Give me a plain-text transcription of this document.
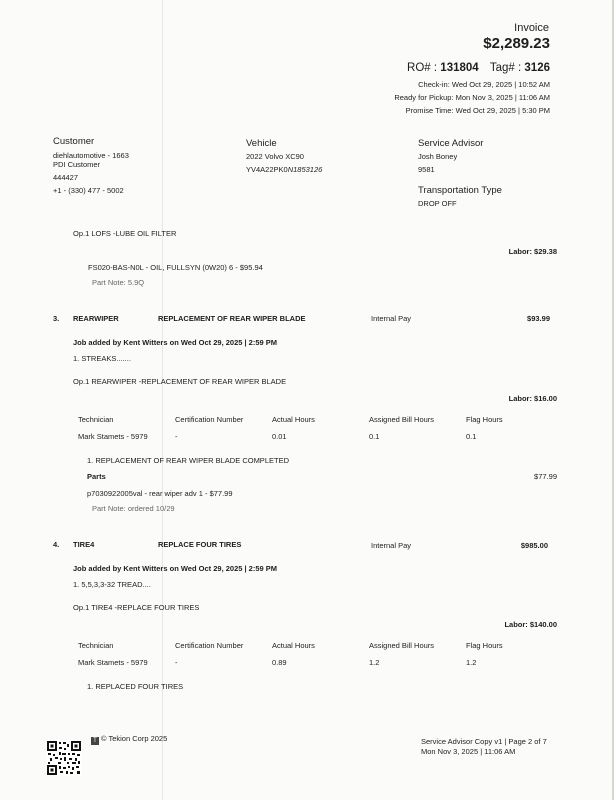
Invoice
$2,289.23
RO# : 131804 Tag# : 3126
Check-in: Wed Oct 29, 2025 | 10:52 AM
Ready for Pickup: Mon Nov 3, 2025 | 11:06 AM
Promise Time: Wed Oct 29, 2025 | 5:30 PM
Customer
diehlautomotive - 1663
PDI Customer
444427
+1 - (330) 477 - 5002
Vehicle
2022 Volvo XC90
YV4A22PK0N1853126
Service Advisor
Josh Boney
9581
Transportation Type
DROP OFF
Op.1 LOFS -LUBE OIL FILTER
Labor: $29.38
FS020-BAS-N0L - OIL, FULLSYN (0W20) 6 - $95.94
Part Note: 5.9Q
3. REARWIPER	REPLACEMENT OF REAR WIPER BLADE	Internal Pay	$93.99
Job added by Kent Witters on Wed Oct 29, 2025 | 2:59 PM
1. STREAKS.......
Op.1 REARWIPER -REPLACEMENT OF REAR WIPER BLADE
Labor: $16.00
Technician	Certification Number	Actual Hours	Assigned Bill Hours	Flag Hours
Mark Stamets - 5979	-	0.01	0.1	0.1
1. REPLACEMENT OF REAR WIPER BLADE COMPLETED
Parts	$77.99
p7030922005val - rear wiper adv 1 - $77.99
Part Note: ordered 10/29
4. TIRE4	REPLACE FOUR TIRES	Internal Pay	$985.00
Job added by Kent Witters on Wed Oct 29, 2025 | 2:59 PM
1. 5,5,3,3-32 TREAD....
Op.1 TIRE4 -REPLACE FOUR TIRES
Labor: $140.00
Technician	Certification Number	Actual Hours	Assigned Bill Hours	Flag Hours
Mark Stamets - 5979	-	0.89	1.2	1.2
1. REPLACED FOUR TIRES
T © Tekion Corp 2025	Service Advisor Copy v1 | Page 2 of 7
Mon Nov 3, 2025 | 11:06 AM
